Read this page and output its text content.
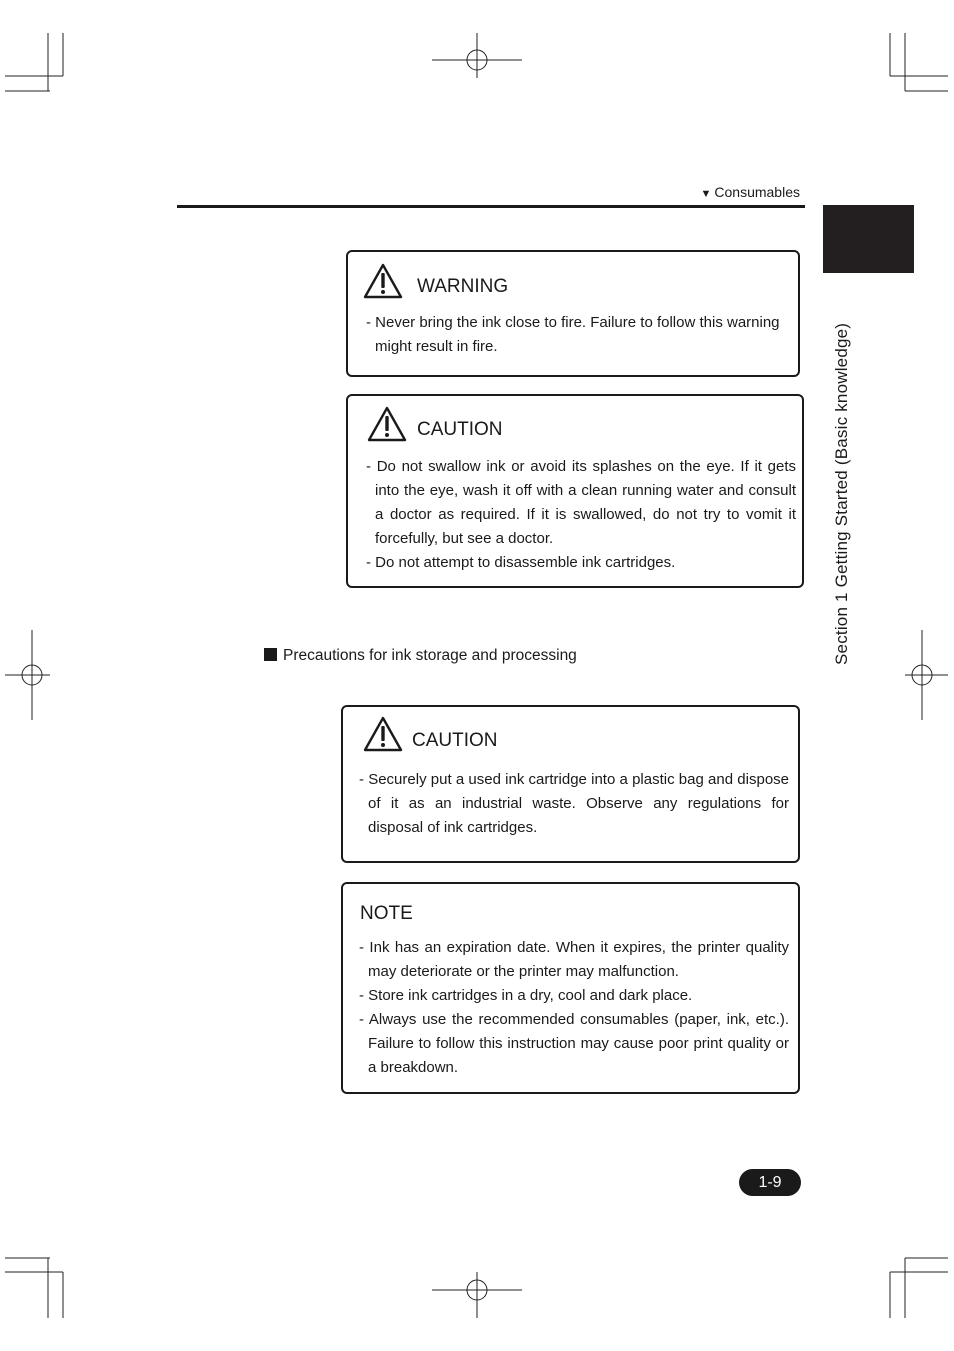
▼ Consumables
Section 1 Getting Started (Basic knowledge)
WARNING
- Never bring the ink close to fire. Failure to follow this warning might result in fire.
CAUTION
- Do not swallow ink or avoid its splashes on the eye. If it gets into the eye, wash it off with a clean running water and consult a doctor as required. If it is swallowed, do not try to vomit it forcefully, but see a doctor.
- Do not attempt to disassemble ink cartridges.
Precautions for ink storage and processing
CAUTION
- Securely put a used ink cartridge into a plastic bag and dispose of it as an industrial waste. Observe any regulations for disposal of ink cartridges.
NOTE
- Ink has an expiration date. When it expires, the printer quality may deteriorate or the printer may malfunction.
- Store ink cartridges in a dry, cool and dark place.
- Always use the recommended consumables (paper, ink, etc.). Failure to follow this instruction may cause poor print quality or a breakdown.
1-9
